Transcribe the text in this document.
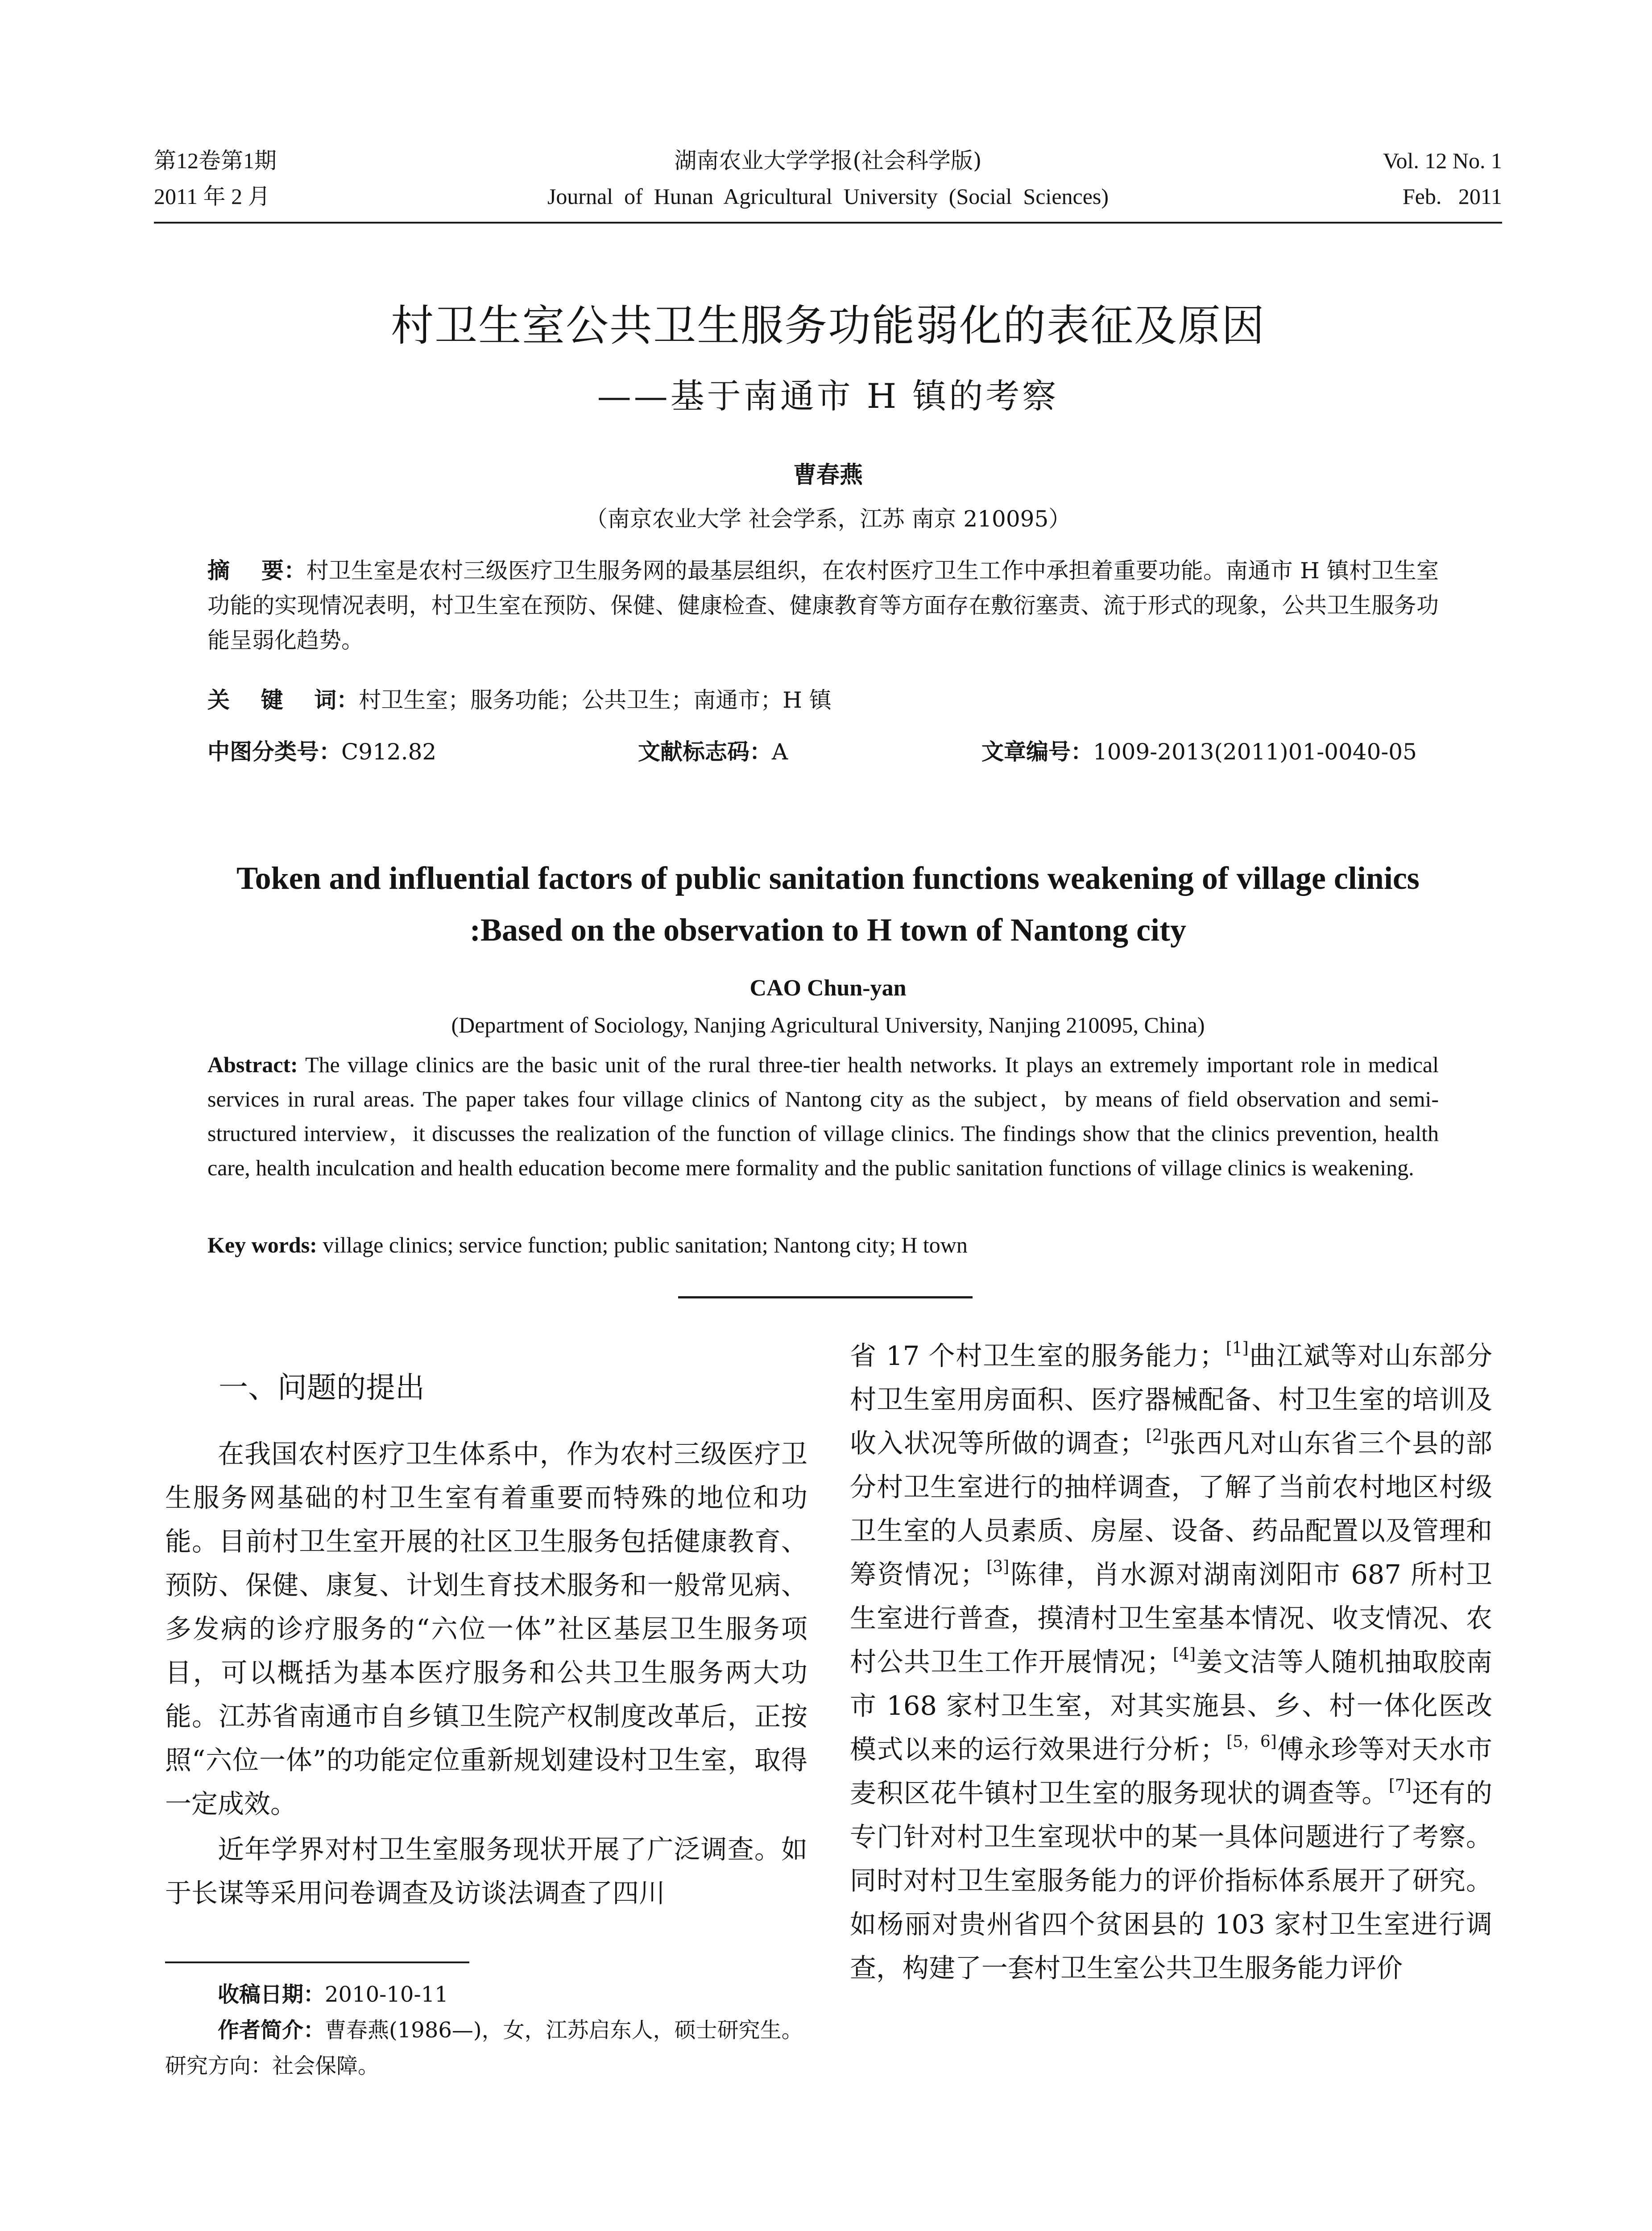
第12卷第1期
2011 年 2 月
湖南农业大学学报(社会科学版)
Journal  of  Hunan  Agricultural  University  (Social  Sciences)
Vol. 12 No. 1
Feb.   2011
村卫生室公共卫生服务功能弱化的表征及原因
——基于南通市 H 镇的考察
曹春燕
（南京农业大学 社会学系，江苏 南京 210095）
摘    要：村卫生室是农村三级医疗卫生服务网的最基层组织，在农村医疗卫生工作中承担着重要功能。南通市 H 镇村卫生室功能的实现情况表明，村卫生室在预防、保健、健康检查、健康教育等方面存在敷衍塞责、流于形式的现象，公共卫生服务功能呈弱化趋势。
关    键    词：村卫生室；服务功能；公共卫生；南通市；H 镇
中图分类号：C912.82	文献标志码：A	文章编号：1009-2013(2011)01-0040-05
Token and influential factors of public sanitation functions weakening of village clinics
:Based on the observation to H town of Nantong city
CAO Chun-yan
(Department of Sociology, Nanjing Agricultural University, Nanjing 210095, China)
Abstract: The village clinics are the basic unit of the rural three-tier health networks. It plays an extremely important role in medical services in rural areas. The paper takes four village clinics of Nantong city as the subject，by means of field observation and semi-structured interview，it discusses the realization of the function of village clinics. The findings show that the clinics prevention, health care, health inculcation and health education become mere formality and the public sanitation functions of village clinics is weakening.
Key words: village clinics; service function; public sanitation; Nantong city; H town
一、问题的提出

在我国农村医疗卫生体系中，作为农村三级医疗卫生服务网基础的村卫生室有着重要而特殊的地位和功能。目前村卫生室开展的社区卫生服务包括健康教育、预防、保健、康复、计划生育技术服务和一般常见病、多发病的诊疗服务的“六位一体”社区基层卫生服务项目，可以概括为基本医疗服务和公共卫生服务两大功能。江苏省南通市自乡镇卫生院产权制度改革后，正按照“六位一体”的功能定位重新规划建设村卫生室，取得一定成效。

近年学界对村卫生室服务现状开展了广泛调查。如于长谋等采用问卷调查及访谈法调查了四川

收稿日期：2010-10-11
作者简介：曹春燕(1986—)，女，江苏启东人，硕士研究生。研究方向：社会保障。

省 17 个村卫生室的服务能力；[1]曲江斌等对山东部分村卫生室用房面积、医疗器械配备、村卫生室的培训及收入状况等所做的调查；[2]张西凡对山东省三个县的部分村卫生室进行的抽样调查，了解了当前农村地区村级卫生室的人员素质、房屋、设备、药品配置以及管理和筹资情况；[3]陈律，肖水源对湖南浏阳市 687 所村卫生室进行普查，摸清村卫生室基本情况、收支情况、农村公共卫生工作开展情况；[4]姜文洁等人随机抽取胶南市 168 家村卫生室，对其实施县、乡、村一体化医改模式以来的运行效果进行分析；[5，6]傅永珍等对天水市麦积区花牛镇村卫生室的服务现状的调查等。[7]还有的专门针对村卫生室现状中的某一具体问题进行了考察。同时对村卫生室服务能力的评价指标体系展开了研究。如杨丽对贵州省四个贫困县的 103 家村卫生室进行调查，构建了一套村卫生室公共卫生服务能力评价
